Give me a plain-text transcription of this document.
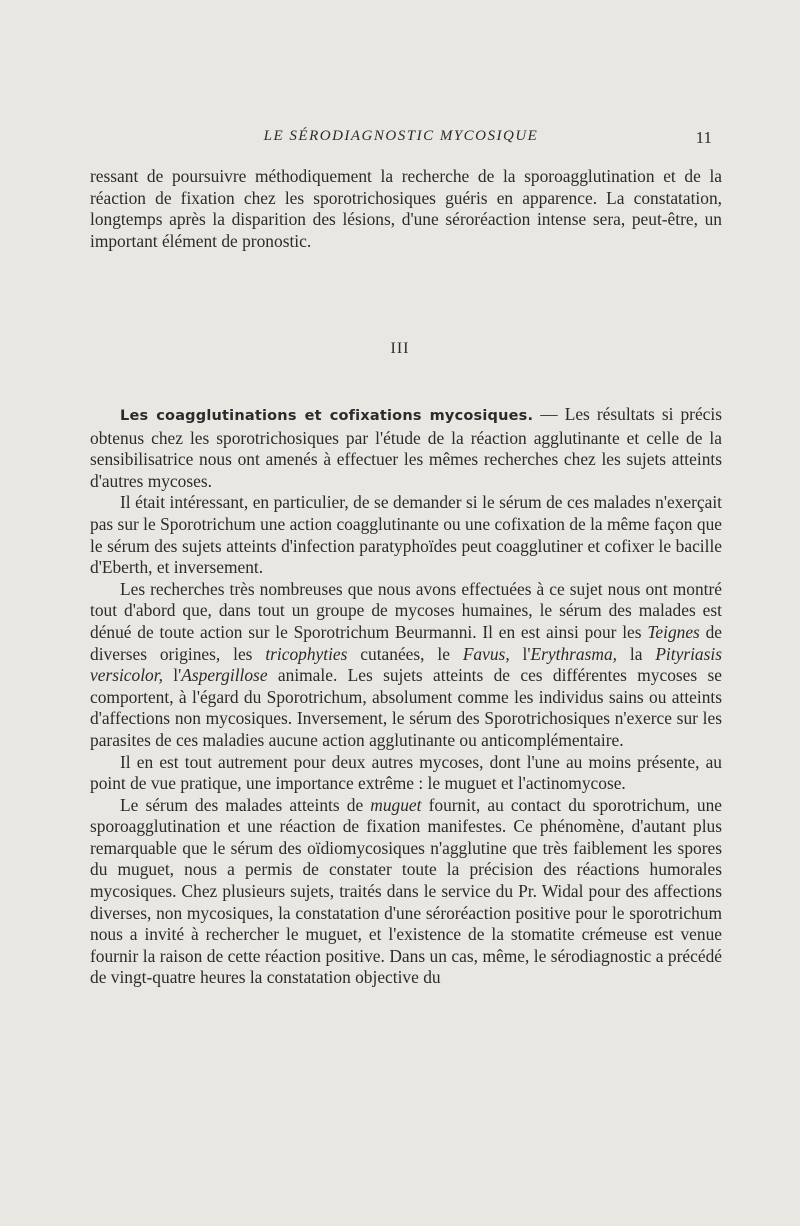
LE SÉRODIAGNOSTIC MYCOSIQUE	11

ressant de poursuivre méthodiquement la recherche de la sporoagglutination et de la réaction de fixation chez les sporotrichosiques guéris en apparence. La constatation, longtemps après la disparition des lésions, d'une séroréaction intense sera, peut-être, un important élément de pronostic.

III

Les coagglutinations et cofixations mycosiques. — Les résultats si précis obtenus chez les sporotrichosiques par l'étude de la réaction agglutinante et celle de la sensibilisatrice nous ont amenés à effectuer les mêmes recherches chez les sujets atteints d'autres mycoses.

Il était intéressant, en particulier, de se demander si le sérum de ces malades n'exerçait pas sur le Sporotrichum une action coagglutinante ou une cofixation de la même façon que le sérum des sujets atteints d'infection paratyphoïdes peut coagglutiner et cofixer le bacille d'Eberth, et inversement.

Les recherches très nombreuses que nous avons effectuées à ce sujet nous ont montré tout d'abord que, dans tout un groupe de mycoses humaines, le sérum des malades est dénué de toute action sur le Sporotrichum Beurmanni. Il en est ainsi pour les Teignes de diverses origines, les tricophyties cutanées, le Favus, l'Erythrasma, la Pityriasis versicolor, l'Aspergillose animale. Les sujets atteints de ces différentes mycoses se comportent, à l'égard du Sporotrichum, absolument comme les individus sains ou atteints d'affections non mycosiques. Inversement, le sérum des Sporotrichosiques n'exerce sur les parasites de ces maladies aucune action agglutinante ou anticomplémentaire.

Il en est tout autrement pour deux autres mycoses, dont l'une au moins présente, au point de vue pratique, une importance extrême : le muguet et l'actinomycose.

Le sérum des malades atteints de muguet fournit, au contact du sporotrichum, une sporoagglutination et une réaction de fixation manifestes. Ce phénomène, d'autant plus remarquable que le sérum des oïdiomycosiques n'agglutine que très faiblement les spores du muguet, nous a permis de constater toute la précision des réactions humorales mycosiques. Chez plusieurs sujets, traités dans le service du Pr. Widal pour des affections diverses, non mycosiques, la constatation d'une séroréaction positive pour le sporotrichum nous a invité à rechercher le muguet, et l'existence de la stomatite crémeuse est venue fournir la raison de cette réaction positive. Dans un cas, même, le sérodiagnostic a précédé de vingt-quatre heures la constatation objective du
